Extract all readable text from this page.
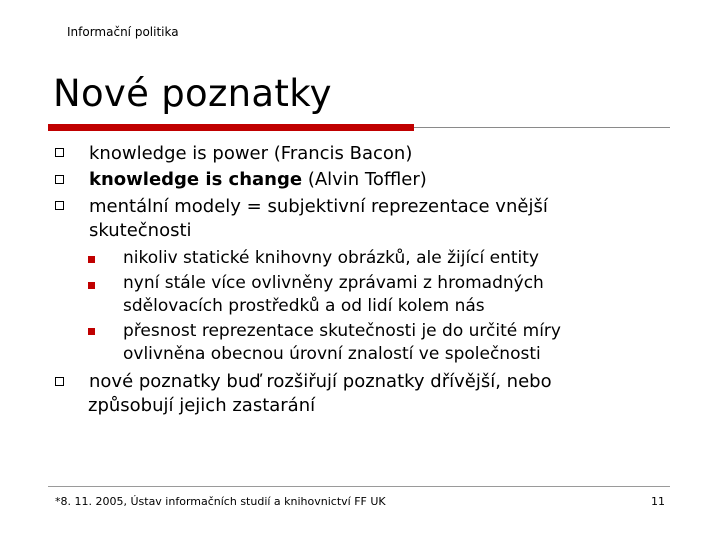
Informační politika
Nové poznatky
knowledge is power (Francis Bacon)
knowledge is change (Alvin Toffler)
mentální modely = subjektivní reprezentace vnější
skutečnosti
nikoliv statické knihovny obrázků, ale žijící entity
nyní stále více ovlivněny zprávami z hromadných
sdělovacích prostředků a od lidí kolem nás
přesnost reprezentace skutečnosti je do určité míry
ovlivněna obecnou úrovní znalostí ve společnosti
nové poznatky buď rozšiřují poznatky dřívější, nebo
způsobují jejich zastarání
*8. 11. 2005, Ústav informačních studií a knihovnictví FF UK	11
